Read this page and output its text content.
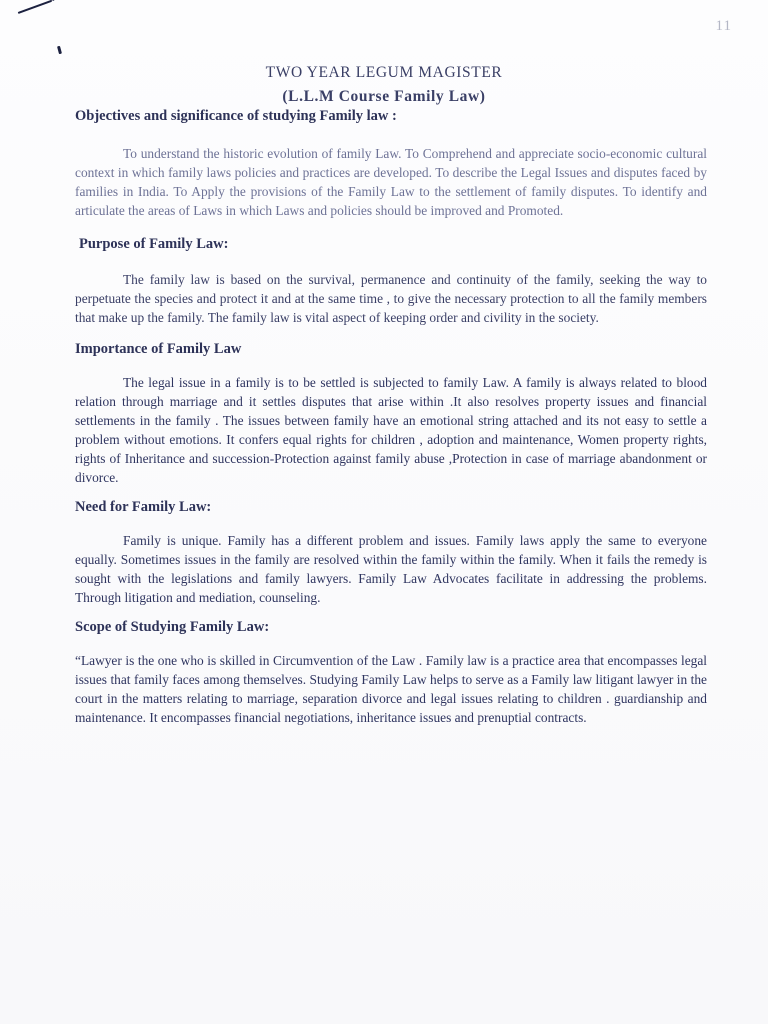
11
TWO YEAR LEGUM MAGISTER
(L.L.M Course Family Law)
Objectives and significance of studying Family law :

To understand the historic evolution of family Law. To Comprehend and appreciate socio-economic cultural context in which family laws policies and practices are developed. To describe the Legal Issues and disputes faced by families in India. To Apply the provisions of the Family Law to the settlement of family disputes. To identify and articulate the areas of Laws in which Laws and policies should be improved and Promoted.

Purpose of Family Law:

The family law is based on the survival, permanence and continuity of the family, seeking the way to perpetuate the species and protect it and at the same time , to give the necessary protection to all the family members that make up the family. The family law is vital aspect of keeping order and civility in the society.

Importance of Family Law

The legal issue in a family is to be settled is subjected to family Law. A family is always related to blood relation through marriage and it settles disputes that arise within .It also resolves property issues and financial settlements in the family . The issues between family have an emotional string attached and its not easy to settle a problem without emotions. It confers equal rights for children , adoption and maintenance, Women property rights, rights of Inheritance and succession-Protection against family abuse ,Protection in case of marriage abandonment or divorce.

Need for Family Law:

Family is unique. Family has a different problem and issues. Family laws apply the same to everyone equally. Sometimes issues in the family are resolved within the family within the family. When it fails the remedy is sought with the legislations and family lawyers. Family Law Advocates facilitate in addressing the problems. Through litigation and mediation, counseling.

Scope of Studying Family Law:

“Lawyer is the one who is skilled in Circumvention of the Law . Family law is a practice area that encompasses legal issues that family faces among themselves. Studying Family Law helps to serve as a Family law litigant lawyer in the court in the matters relating to marriage, separation divorce and legal issues relating to children . guardianship and maintenance. It encompasses financial negotiations, inheritance issues and prenuptial contracts.
